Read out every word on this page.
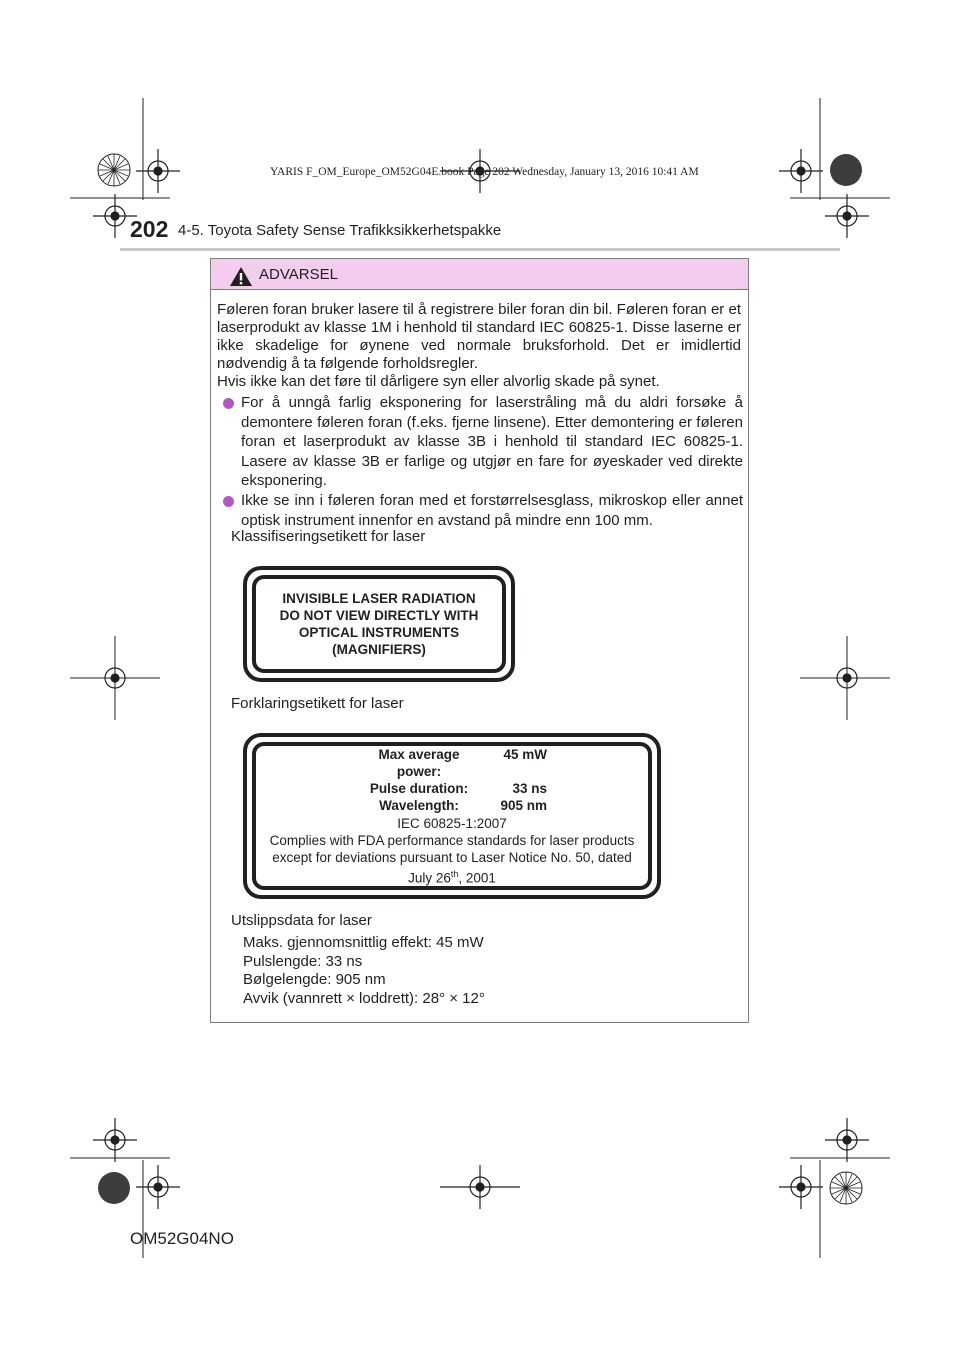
YARIS F_OM_Europe_OM52G04E.book Page 202 Wednesday, January 13, 2016 10:41 AM
202 4-5. Toyota Safety Sense Trafikksikkerhetspakke
ADVARSEL

Føleren foran bruker lasere til å registrere biler foran din bil. Føleren foran er et laserprodukt av klasse 1M i henhold til standard IEC 60825-1. Disse laserne er ikke skadelige for øynene ved normale bruksforhold. Det er imidlertid nødvendig å ta følgende forholdsregler.

Hvis ikke kan det føre til dårligere syn eller alvorlig skade på synet.

For å unngå farlig eksponering for laserstråling må du aldri forsøke å demontere føleren foran (f.eks. fjerne linsene). Etter demontering er føleren foran et laserprodukt av klasse 3B i henhold til standard IEC 60825-1. Lasere av klasse 3B er farlige og utgjør en fare for øyeskader ved direkte eksponering.
Ikke se inn i føleren foran med et forstørrelsesglass, mikroskop eller annet optisk instrument innenfor en avstand på mindre enn 100 mm.
Klassifiseringsetikett for laser
INVISIBLE LASER RADIATION
DO NOT VIEW DIRECTLY WITH
OPTICAL INSTRUMENTS
(MAGNIFIERS)
Forklaringsetikett for laser
Max average power:
45 mW
Pulse duration:	33 ns
Wavelength:	905 nm
IEC 60825-1:2007
Complies with FDA performance standards for laser products
except for deviations pursuant to Laser Notice No. 50, dated
July 26th, 2001
Utslippsdata for laser
Maks. gjennomsnittlig effekt: 45 mW
Pulslengde: 33 ns
Bølgelengde: 905 nm
Avvik (vannrett × loddrett): 28° × 12°
OM52G04NO
